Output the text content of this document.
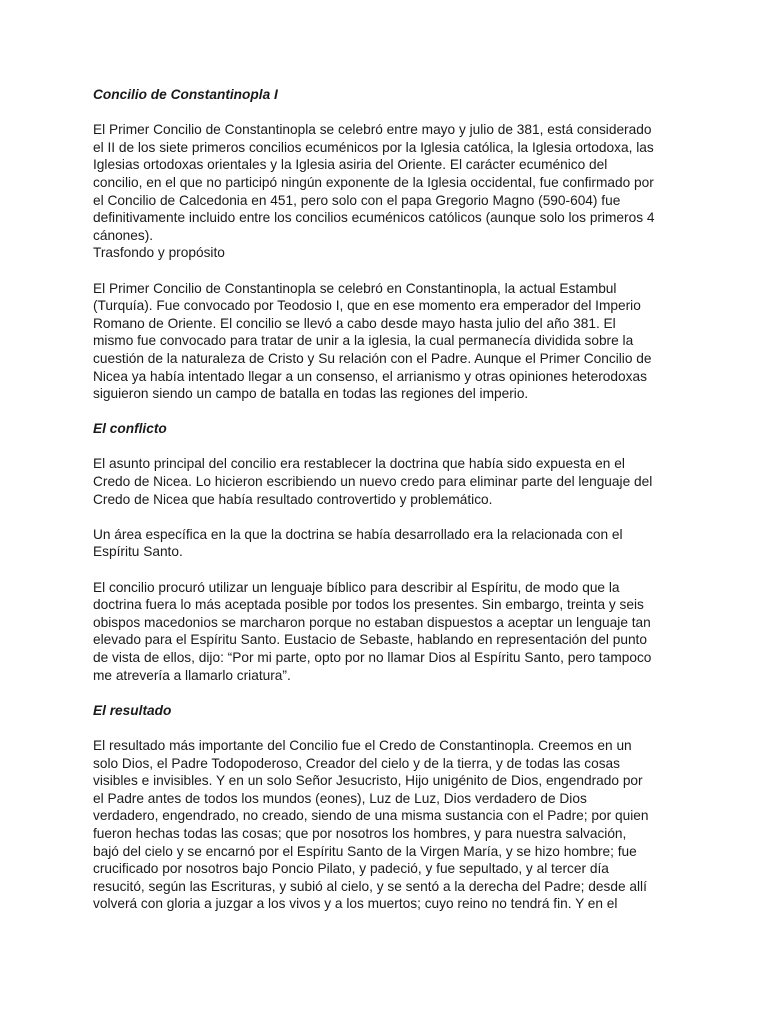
Concilio de Constantinopla I

El Primer Concilio de Constantinopla se celebró entre mayo y julio de 381, está considerado
el II de los siete primeros concilios ecuménicos por la Iglesia católica, la Iglesia ortodoxa, las
Iglesias ortodoxas orientales y la Iglesia asiria del Oriente. El carácter ecuménico del
concilio, en el que no participó ningún exponente de la Iglesia occidental, fue confirmado por
el Concilio de Calcedonia en 451, pero solo con el papa Gregorio Magno (590-604) fue
definitivamente incluido entre los concilios ecuménicos católicos (aunque solo los primeros 4
cánones).

Trasfondo y propósito

El Primer Concilio de Constantinopla se celebró en Constantinopla, la actual Estambul
(Turquía). Fue convocado por Teodosio I, que en ese momento era emperador del Imperio
Romano de Oriente. El concilio se llevó a cabo desde mayo hasta julio del año 381. El
mismo fue convocado para tratar de unir a la iglesia, la cual permanecía dividida sobre la
cuestión de la naturaleza de Cristo y Su relación con el Padre. Aunque el Primer Concilio de
Nicea ya había intentado llegar a un consenso, el arrianismo y otras opiniones heterodoxas
siguieron siendo un campo de batalla en todas las regiones del imperio.

El conflicto

El asunto principal del concilio era restablecer la doctrina que había sido expuesta en el
Credo de Nicea. Lo hicieron escribiendo un nuevo credo para eliminar parte del lenguaje del
Credo de Nicea que había resultado controvertido y problemático.

Un área específica en la que la doctrina se había desarrollado era la relacionada con el
Espíritu Santo.

El concilio procuró utilizar un lenguaje bíblico para describir al Espíritu, de modo que la
doctrina fuera lo más aceptada posible por todos los presentes. Sin embargo, treinta y seis
obispos macedonios se marcharon porque no estaban dispuestos a aceptar un lenguaje tan
elevado para el Espíritu Santo. Eustacio de Sebaste, hablando en representación del punto
de vista de ellos, dijo: “Por mi parte, opto por no llamar Dios al Espíritu Santo, pero tampoco
me atrevería a llamarlo criatura”.

El resultado

El resultado más importante del Concilio fue el Credo de Constantinopla. Creemos en un
solo Dios, el Padre Todopoderoso, Creador del cielo y de la tierra, y de todas las cosas
visibles e invisibles. Y en un solo Señor Jesucristo, Hijo unigénito de Dios, engendrado por
el Padre antes de todos los mundos (eones), Luz de Luz, Dios verdadero de Dios
verdadero, engendrado, no creado, siendo de una misma sustancia con el Padre; por quien
fueron hechas todas las cosas; que por nosotros los hombres, y para nuestra salvación,
bajó del cielo y se encarnó por el Espíritu Santo de la Virgen María, y se hizo hombre; fue
crucificado por nosotros bajo Poncio Pilato, y padeció, y fue sepultado, y al tercer día
resucitó, según las Escrituras, y subió al cielo, y se sentó a la derecha del Padre; desde allí
volverá con gloria a juzgar a los vivos y a los muertos; cuyo reino no tendrá fin. Y en el
